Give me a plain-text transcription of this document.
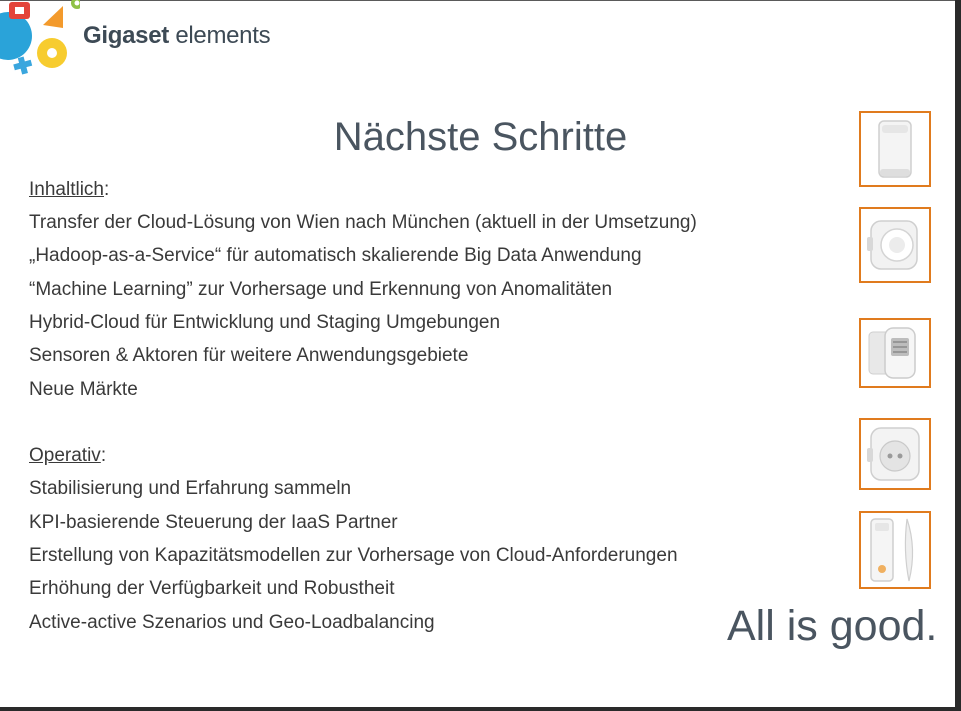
Gigaset elements
Nächste Schritte
Inhaltlich:
Transfer der Cloud-Lösung von Wien nach München (aktuell in der Umsetzung)
„Hadoop-as-a-Service“ für automatisch skalierende Big Data Anwendung
“Machine Learning” zur Vorhersage und Erkennung von Anomalitäten
Hybrid-Cloud für Entwicklung und Staging Umgebungen
Sensoren & Aktoren für weitere Anwendungsgebiete
Neue Märkte
Operativ:
Stabilisierung und Erfahrung sammeln
KPI-basierende Steuerung der IaaS Partner
Erstellung von Kapazitätsmodellen zur Vorhersage von Cloud-Anforderungen
Erhöhung der Verfügbarkeit und Robustheit
Active-active Szenarios und Geo-Loadbalancing	All is good.
